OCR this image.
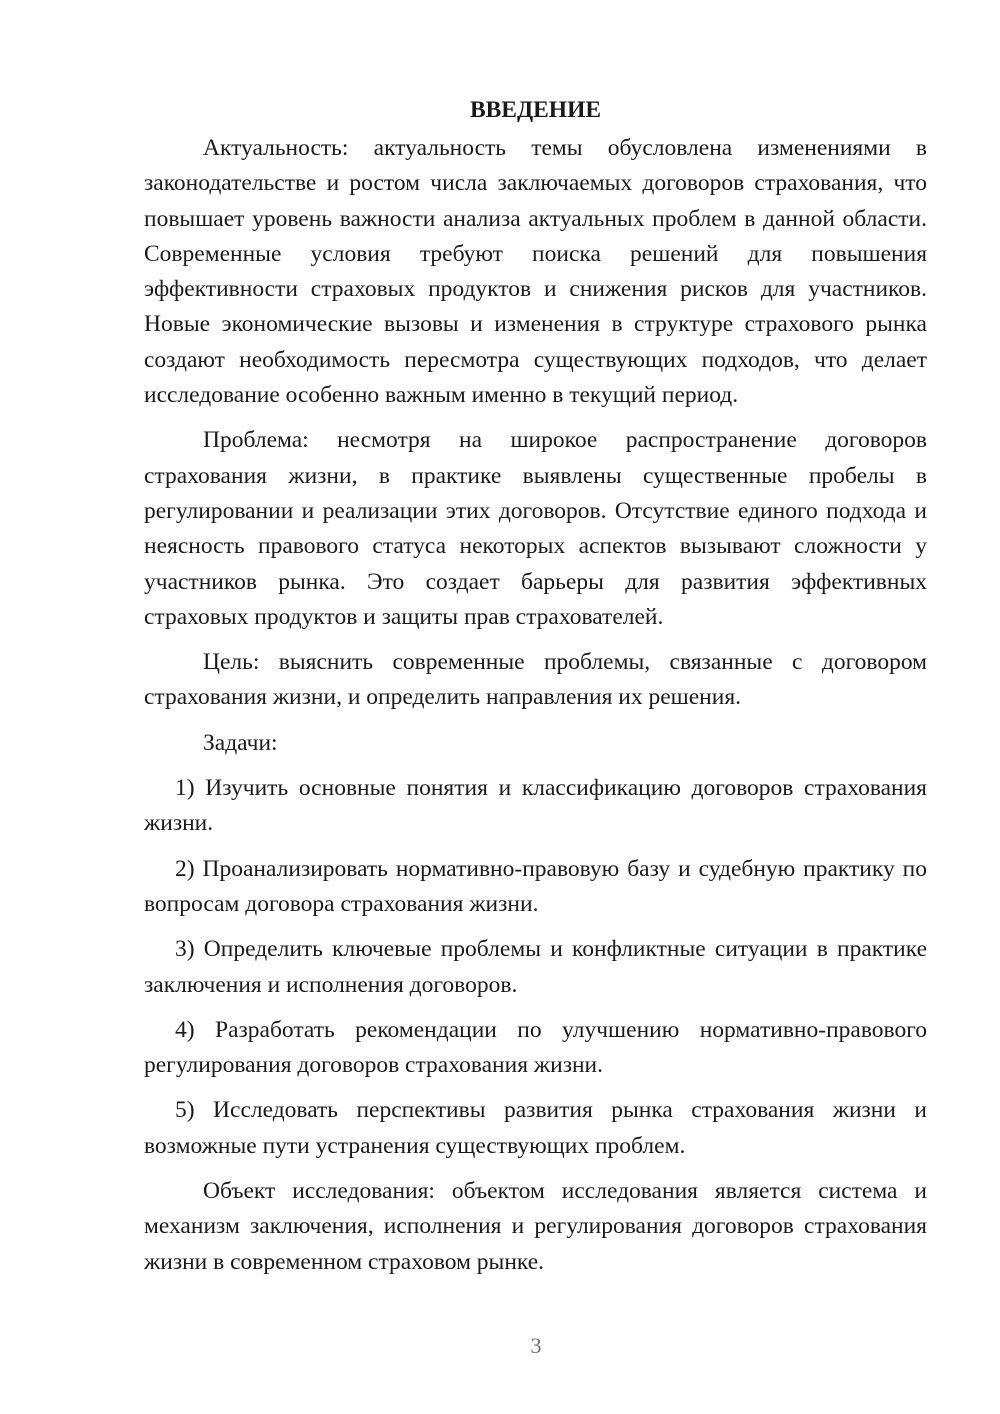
ВВЕДЕНИЕ

Актуальность: актуальность темы обусловлена изменениями в законодательстве и ростом числа заключаемых договоров страхования, что повышает уровень важности анализа актуальных проблем в данной области. Современные условия требуют поиска решений для повышения эффективности страховых продуктов и снижения рисков для участников. Новые экономические вызовы и изменения в структуре страхового рынка создают необходимость пересмотра существующих подходов, что делает исследование особенно важным именно в текущий период.

Проблема: несмотря на широкое распространение договоров страхования жизни, в практике выявлены существенные пробелы в регулировании и реализации этих договоров. Отсутствие единого подхода и неясность правового статуса некоторых аспектов вызывают сложности у участников рынка. Это создает барьеры для развития эффективных страховых продуктов и защиты прав страхователей.

Цель: выяснить современные проблемы, связанные с договором страхования жизни, и определить направления их решения.

Задачи:

1) Изучить основные понятия и классификацию договоров страхования жизни.

2) Проанализировать нормативно-правовую базу и судебную практику по вопросам договора страхования жизни.

3) Определить ключевые проблемы и конфликтные ситуации в практике заключения и исполнения договоров.

4) Разработать рекомендации по улучшению нормативно-правового регулирования договоров страхования жизни.

5) Исследовать перспективы развития рынка страхования жизни и возможные пути устранения существующих проблем.

Объект исследования: объектом исследования является система и механизм заключения, исполнения и регулирования договоров страхования жизни в современном страховом рынке.

3
